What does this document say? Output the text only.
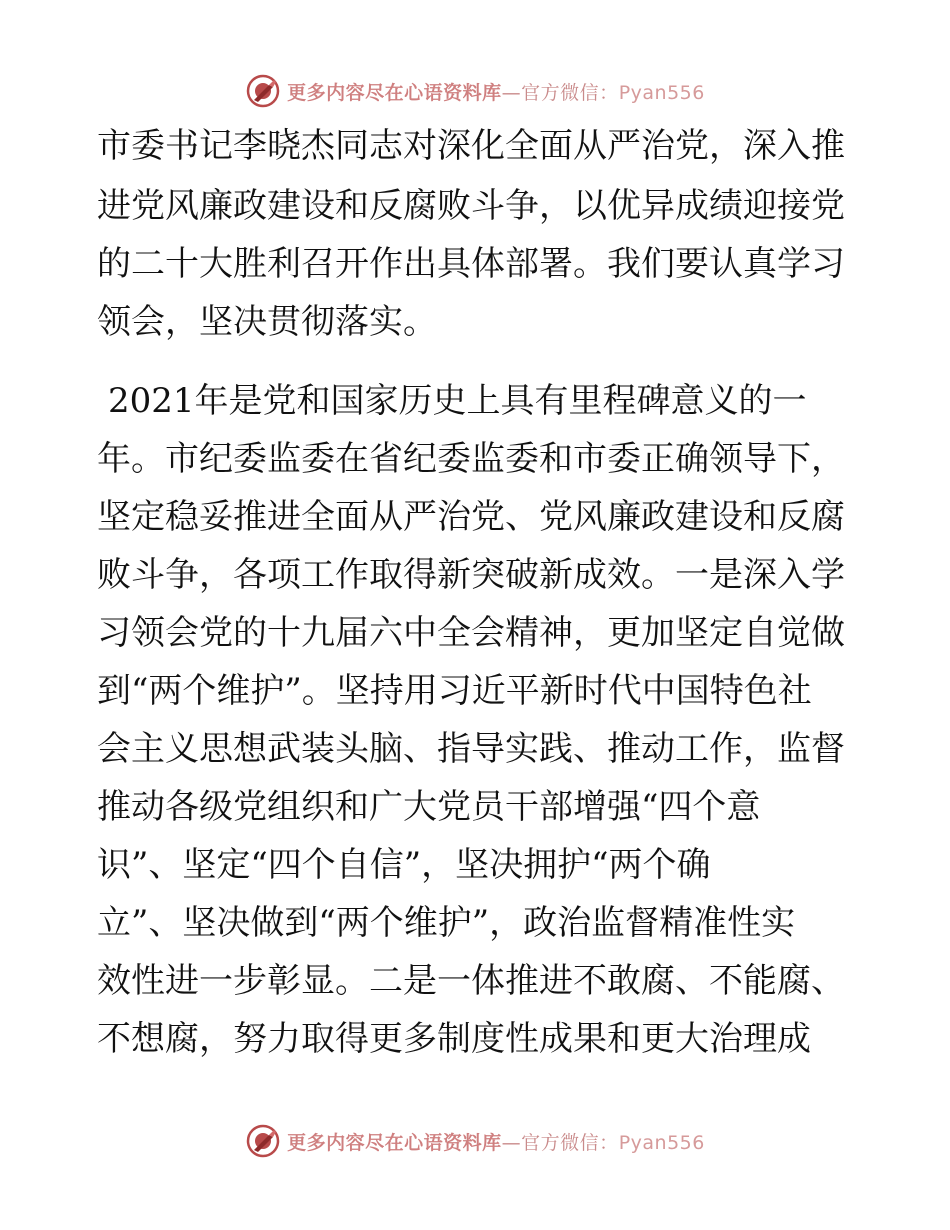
更多内容尽在心语资料库—官方微信：Pyan556
市委书记李晓杰同志对深化全面从严治党，深入推
进党风廉政建设和反腐败斗争，以优异成绩迎接党
的二十大胜利召开作出具体部署。我们要认真学习
领会，坚决贯彻落实。
2021年是党和国家历史上具有里程碑意义的一
年。市纪委监委在省纪委监委和市委正确领导下，
坚定稳妥推进全面从严治党、党风廉政建设和反腐
败斗争，各项工作取得新突破新成效。一是深入学
习领会党的十九届六中全会精神，更加坚定自觉做
到“两个维护”。坚持用习近平新时代中国特色社
会主义思想武装头脑、指导实践、推动工作，监督
推动各级党组织和广大党员干部增强“四个意
识”、坚定“四个自信”，坚决拥护“两个确
立”、坚决做到“两个维护”，政治监督精准性实
效性进一步彰显。二是一体推进不敢腐、不能腐、
不想腐，努力取得更多制度性成果和更大治理成
更多内容尽在心语资料库—官方微信：Pyan556
